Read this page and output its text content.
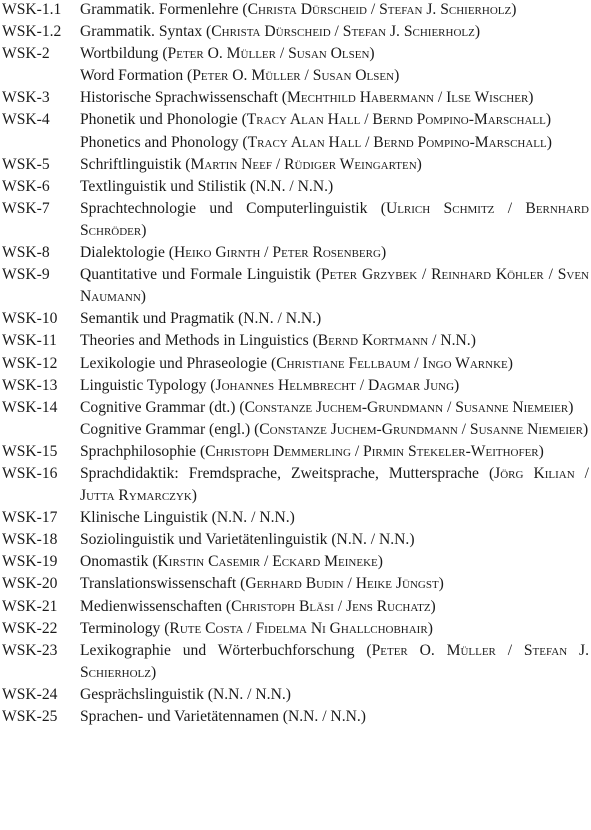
WSK-1.1	Grammatik. Formenlehre (Christa Dürscheid / Stefan J. Schierholz)
WSK-1.2	Grammatik. Syntax (Christa Dürscheid / Stefan J. Schierholz)
WSK-2	Wortbildung (Peter O. Müller / Susan Olsen)
Word Formation (Peter O. Müller / Susan Olsen)
WSK-3	Historische Sprachwissenschaft (Mechthild Habermann / Ilse Wischer)
WSK-4	Phonetik und Phonologie (Tracy Alan Hall / Bernd Pompino-Marschall)
Phonetics and Phonology (Tracy Alan Hall / Bernd Pompino-Marschall)
WSK-5	Schriftlinguistik (Martin Neef / Rüdiger Weingarten)
WSK-6	Textlinguistik und Stilistik (N.N. / N.N.)
WSK-7	Sprachtechnologie und Computerlinguistik (Ulrich Schmitz / Bernhard Schröder)
WSK-8	Dialektologie (Heiko Girnth / Peter Rosenberg)
WSK-9	Quantitative und Formale Linguistik (Peter Grzybek / Reinhard Köhler / Sven Naumann)
WSK-10	Semantik und Pragmatik (N.N. / N.N.)
WSK-11	Theories and Methods in Linguistics (Bernd Kortmann / N.N.)
WSK-12	Lexikologie und Phraseologie (Christiane Fellbaum / Ingo Warnke)
WSK-13	Linguistic Typology (Johannes Helmbrecht / Dagmar Jung)
WSK-14	Cognitive Grammar (dt.) (Constanze Juchem-Grundmann / Susanne Niemeier)
Cognitive Grammar (engl.) (Constanze Juchem-Grundmann / Susanne Niemeier)
WSK-15	Sprachphilosophie (Christoph Demmerling / Pirmin Stekeler-Weithofer)
WSK-16	Sprachdidaktik: Fremdsprache, Zweitsprache, Muttersprache (Jörg Kilian / Jutta Rymarczyk)
WSK-17	Klinische Linguistik (N.N. / N.N.)
WSK-18	Soziolinguistik und Varietätenlinguistik (N.N. / N.N.)
WSK-19	Onomastik (Kirstin Casemir / Eckard Meineke)
WSK-20	Translationswissenschaft (Gerhard Budin / Heike Jüngst)
WSK-21	Medienwissenschaften (Christoph Bläsi / Jens Ruchatz)
WSK-22	Terminology (Rute Costa / Fidelma Ni Ghallchobhair)
WSK-23	Lexikographie und Wörterbuchforschung (Peter O. Müller / Stefan J. Schierholz)
WSK-24	Gesprächslinguistik (N.N. / N.N.)
WSK-25	Sprachen- und Varietätennamen (N.N. / N.N.)
